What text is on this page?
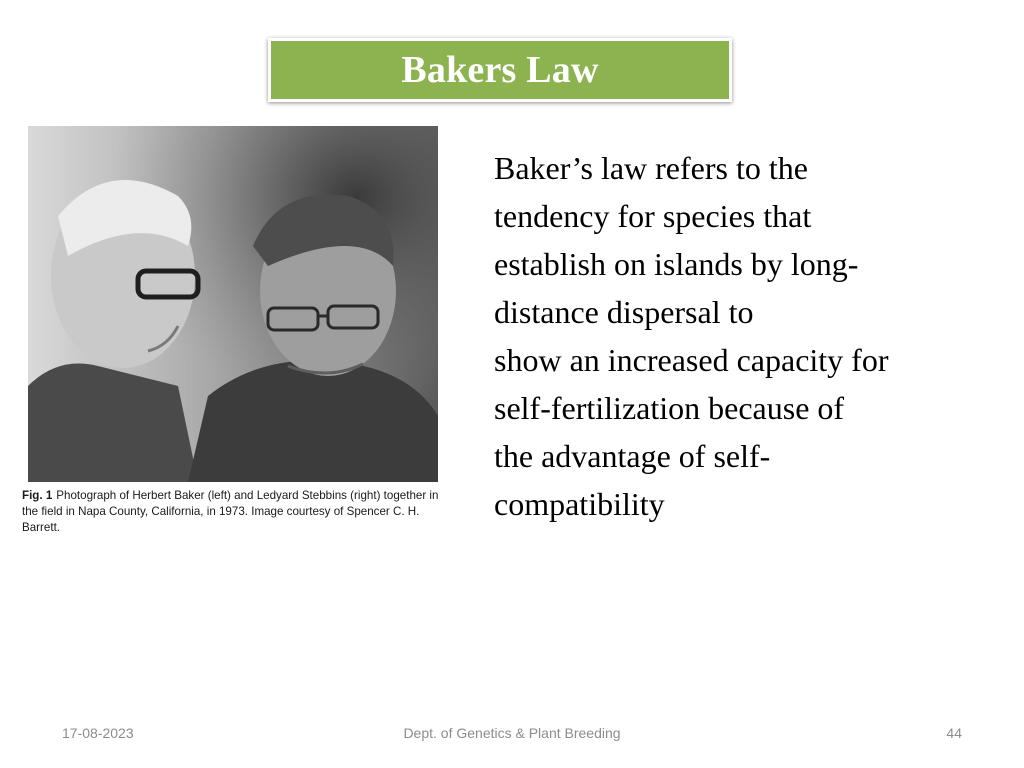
Bakers Law
Fig. 1 Photograph of Herbert Baker (left) and Ledyard Stebbins (right) together in the field in Napa County, California, in 1973. Image courtesy of Spencer C. H. Barrett.

Baker’s law refers to the
tendency for species that
establish on islands by long-
distance dispersal to
show an increased capacity for
self-fertilization because of
the advantage of self-
compatibility

17-08-2023	Dept. of Genetics & Plant Breeding	44
